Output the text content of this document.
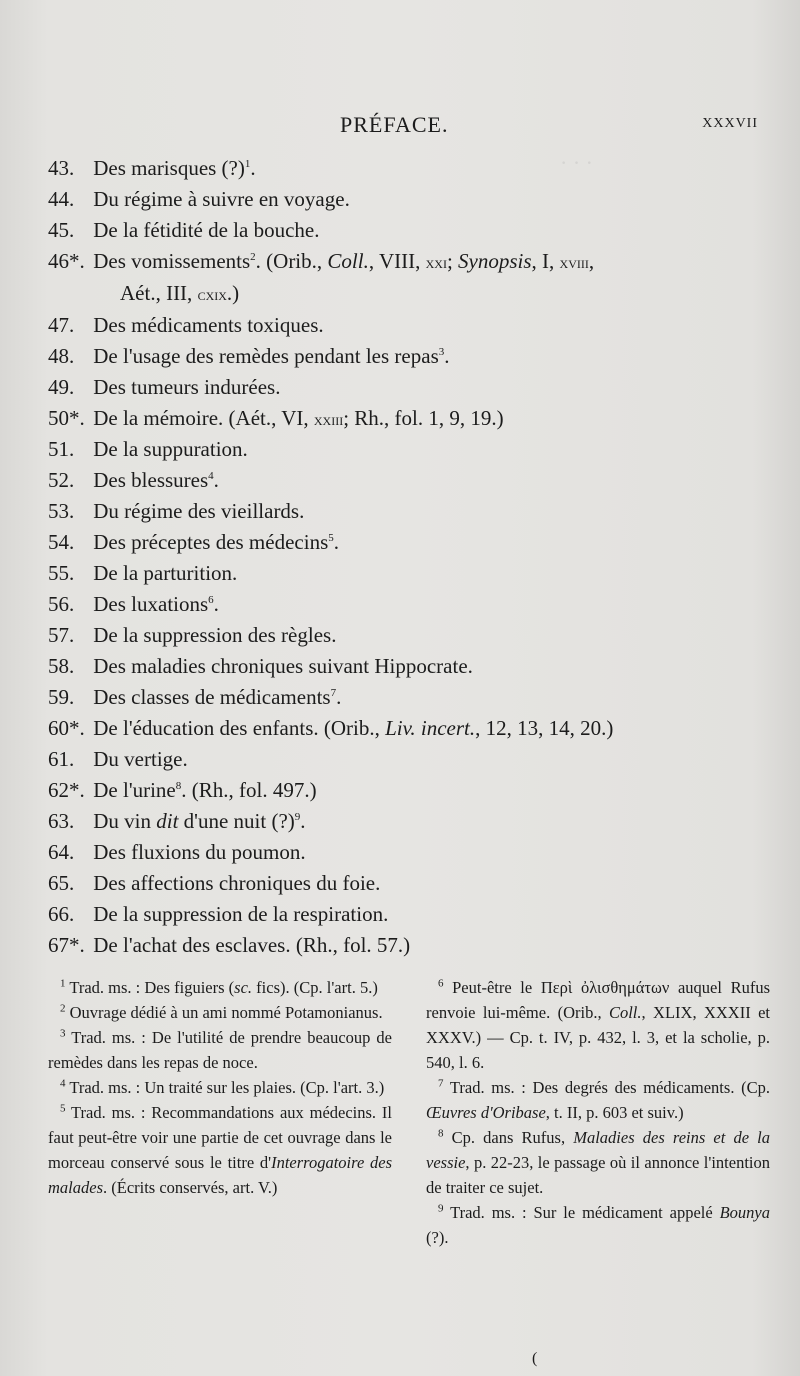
· · ·
PRÉFACE.	XXXVII
43. Des marisques (?)$^1$.
44. Du régime à suivre en voyage.
45. De la fétidité de la bouche.
46*. Des vomissements$^2$. (Orib., Coll., VIII, xxi; Synopsis, I, xviii,
Aét., III, cxix.)
47. Des médicaments toxiques.
48. De l'usage des remèdes pendant les repas$^3$.
49. Des tumeurs indurées.
50*. De la mémoire. (Aét., VI, xxiii; Rh., fol. 1, 9, 19.)
51. De la suppuration.
52. Des blessures$^4$.
53. Du régime des vieillards.
54. Des préceptes des médecins$^5$.
55. De la parturition.
56. Des luxations$^6$.
57. De la suppression des règles.
58. Des maladies chroniques suivant Hippocrate.
59. Des classes de médicaments$^7$.
60*. De l'éducation des enfants. (Orib., Liv. incert., 12, 13, 14, 20.)
61. Du vertige.
62*. De l'urine$^8$. (Rh., fol. 497.)
63. Du vin dit d'une nuit (?)$^9$.
64. Des fluxions du poumon.
65. Des affections chroniques du foie.
66. De la suppression de la respiration.
67*. De l'achat des esclaves. (Rh., fol. 57.)

$^1$ Trad. ms. : Des figuiers (sc. fics). (Cp. l'art. 5.)

$^2$ Ouvrage dédié à un ami nommé Potamonianus.

$^3$ Trad. ms. : De l'utilité de prendre beaucoup de remèdes dans les repas de noce.

$^4$ Trad. ms. : Un traité sur les plaies. (Cp. l'art. 3.)

$^5$ Trad. ms. : Recommandations aux médecins. Il faut peut-être voir une partie de cet ouvrage dans le morceau conservé sous le titre d'Interrogatoire des malades. (Écrits conservés, art. V.)

$^6$ Peut-être le Περὶ ὀλισθημάτων auquel Rufus renvoie lui-même. (Orib., Coll., XLIX, XXXII et XXXV.) — Cp. t. IV, p. 432, l. 3, et la scholie, p. 540, l. 6.

$^7$ Trad. ms. : Des degrés des médicaments. (Cp. Œuvres d'Oribase, t. II, p. 603 et suiv.)

$^8$ Cp. dans Rufus, Maladies des reins et de la vessie, p. 22-23, le passage où il annonce l'intention de traiter ce sujet.

$^9$ Trad. ms. : Sur le médicament appelé Bounya (?).

(
